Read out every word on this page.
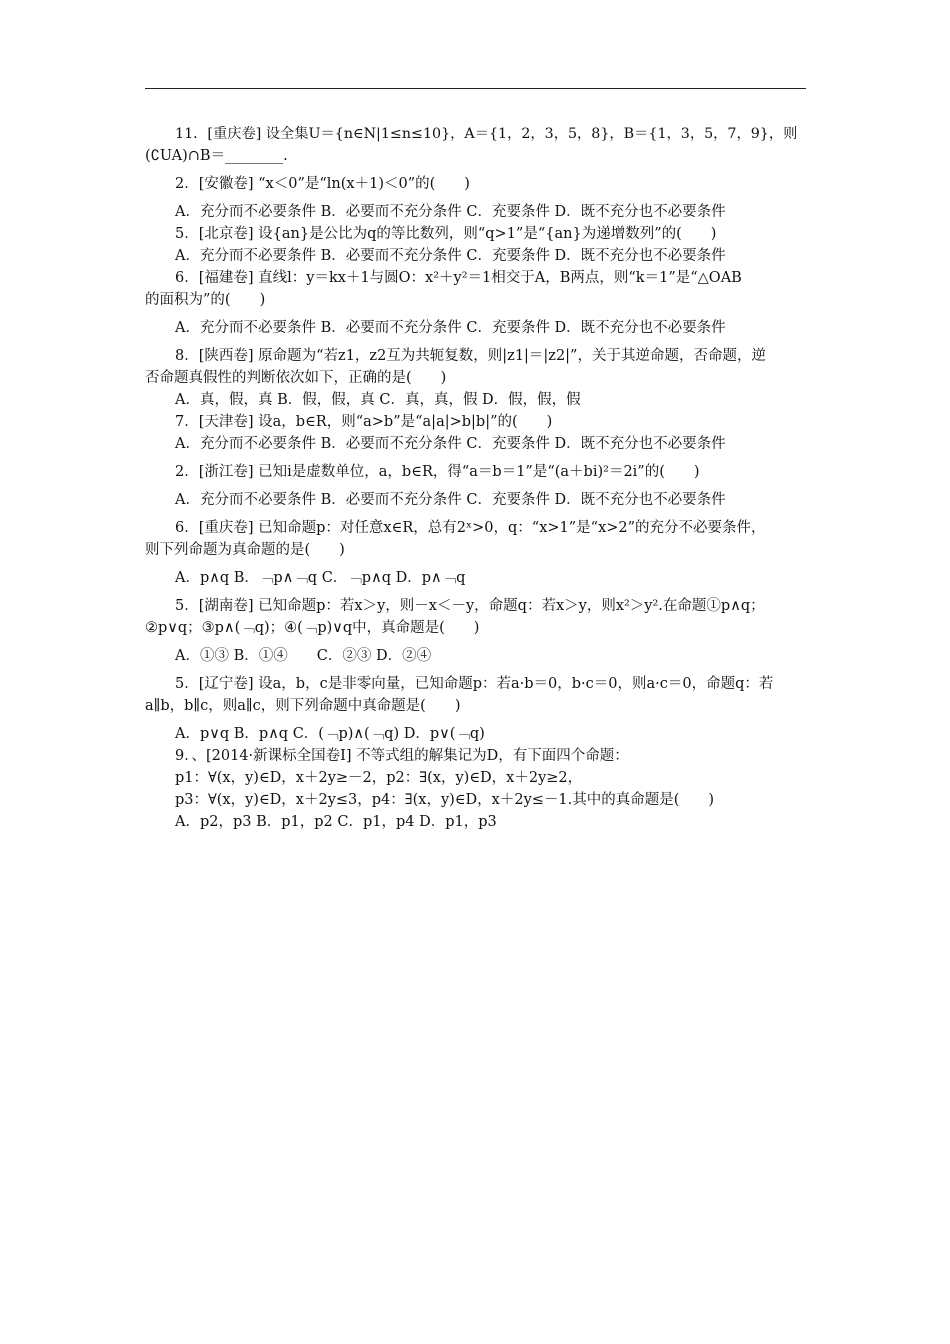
11．[重庆卷] 设全集U＝{n∈N|1≤n≤10}，A＝{1，2，3，5，8}，B＝{1，3，5，7，9}，则
(∁UA)∩B＝________.
2．[安徽卷] “x＜0”是“ln(x＋1)＜0”的(　　)
A．充分而不必要条件 B．必要而不充分条件 C．充要条件 D．既不充分也不必要条件
5．[北京卷] 设{an}是公比为q的等比数列，则“q>1”是“{an}为递增数列”的(　　)
A．充分而不必要条件 B．必要而不充分条件 C．充要条件 D．既不充分也不必要条件
6．[福建卷] 直线l：y＝kx＋1与圆O：x²＋y²＝1相交于A，B两点，则“k＝1”是“△OAB
的面积为”的(　　)
A．充分而不必要条件 B．必要而不充分条件 C．充要条件 D．既不充分也不必要条件
8．[陕西卷] 原命题为“若z1，z2互为共轭复数，则|z1|＝|z2|”，关于其逆命题，否命题，逆
否命题真假性的判断依次如下，正确的是(　　)
A．真，假，真 B．假，假，真 C．真，真，假 D．假，假，假
7．[天津卷] 设a，b∈R，则“a>b”是“a|a|>b|b|”的(　　)
A．充分而不必要条件 B．必要而不充分条件 C．充要条件 D．既不充分也不必要条件
2．[浙江卷] 已知i是虚数单位，a，b∈R，得“a＝b＝1”是“(a＋bi)²＝2i”的(　　)
A．充分而不必要条件 B．必要而不充分条件 C．充要条件 D．既不充分也不必要条件
6．[重庆卷] 已知命题p：对任意x∈R，总有2ˣ>0，q：“x>1”是“x>2”的充分不必要条件，
则下列命题为真命题的是(　　)
A．p∧q B．﹁p∧﹁q C．﹁p∧q D．p∧﹁q
5．[湖南卷] 已知命题p：若x＞y，则－x＜－y，命题q：若x＞y，则x²＞y².在命题①p∧q；
②p∨q；③p∧(﹁q)；④(﹁p)∨q中，真命题是(　　)
A．①③ B．①④　　C．②③ D．②④
5．[辽宁卷] 设a，b，c是非零向量，已知命题p：若a·b＝0，b·c＝0，则a·c＝0，命题q：若
a∥b，b∥c，则a∥c，则下列命题中真命题是(　　)
A．p∨q B．p∧q C．(﹁p)∧(﹁q) D．p∨(﹁q)
9．、[2014·新课标全国卷Ⅰ] 不等式组的解集记为D，有下面四个命题：
p1：∀(x，y)∈D，x＋2y≥－2，p2：∃(x，y)∈D，x＋2y≥2，
p3：∀(x，y)∈D，x＋2y≤3，p4：∃(x，y)∈D，x＋2y≤－1.其中的真命题是(　　)
A．p2，p3 B．p1，p2 C．p1，p4 D．p1，p3
